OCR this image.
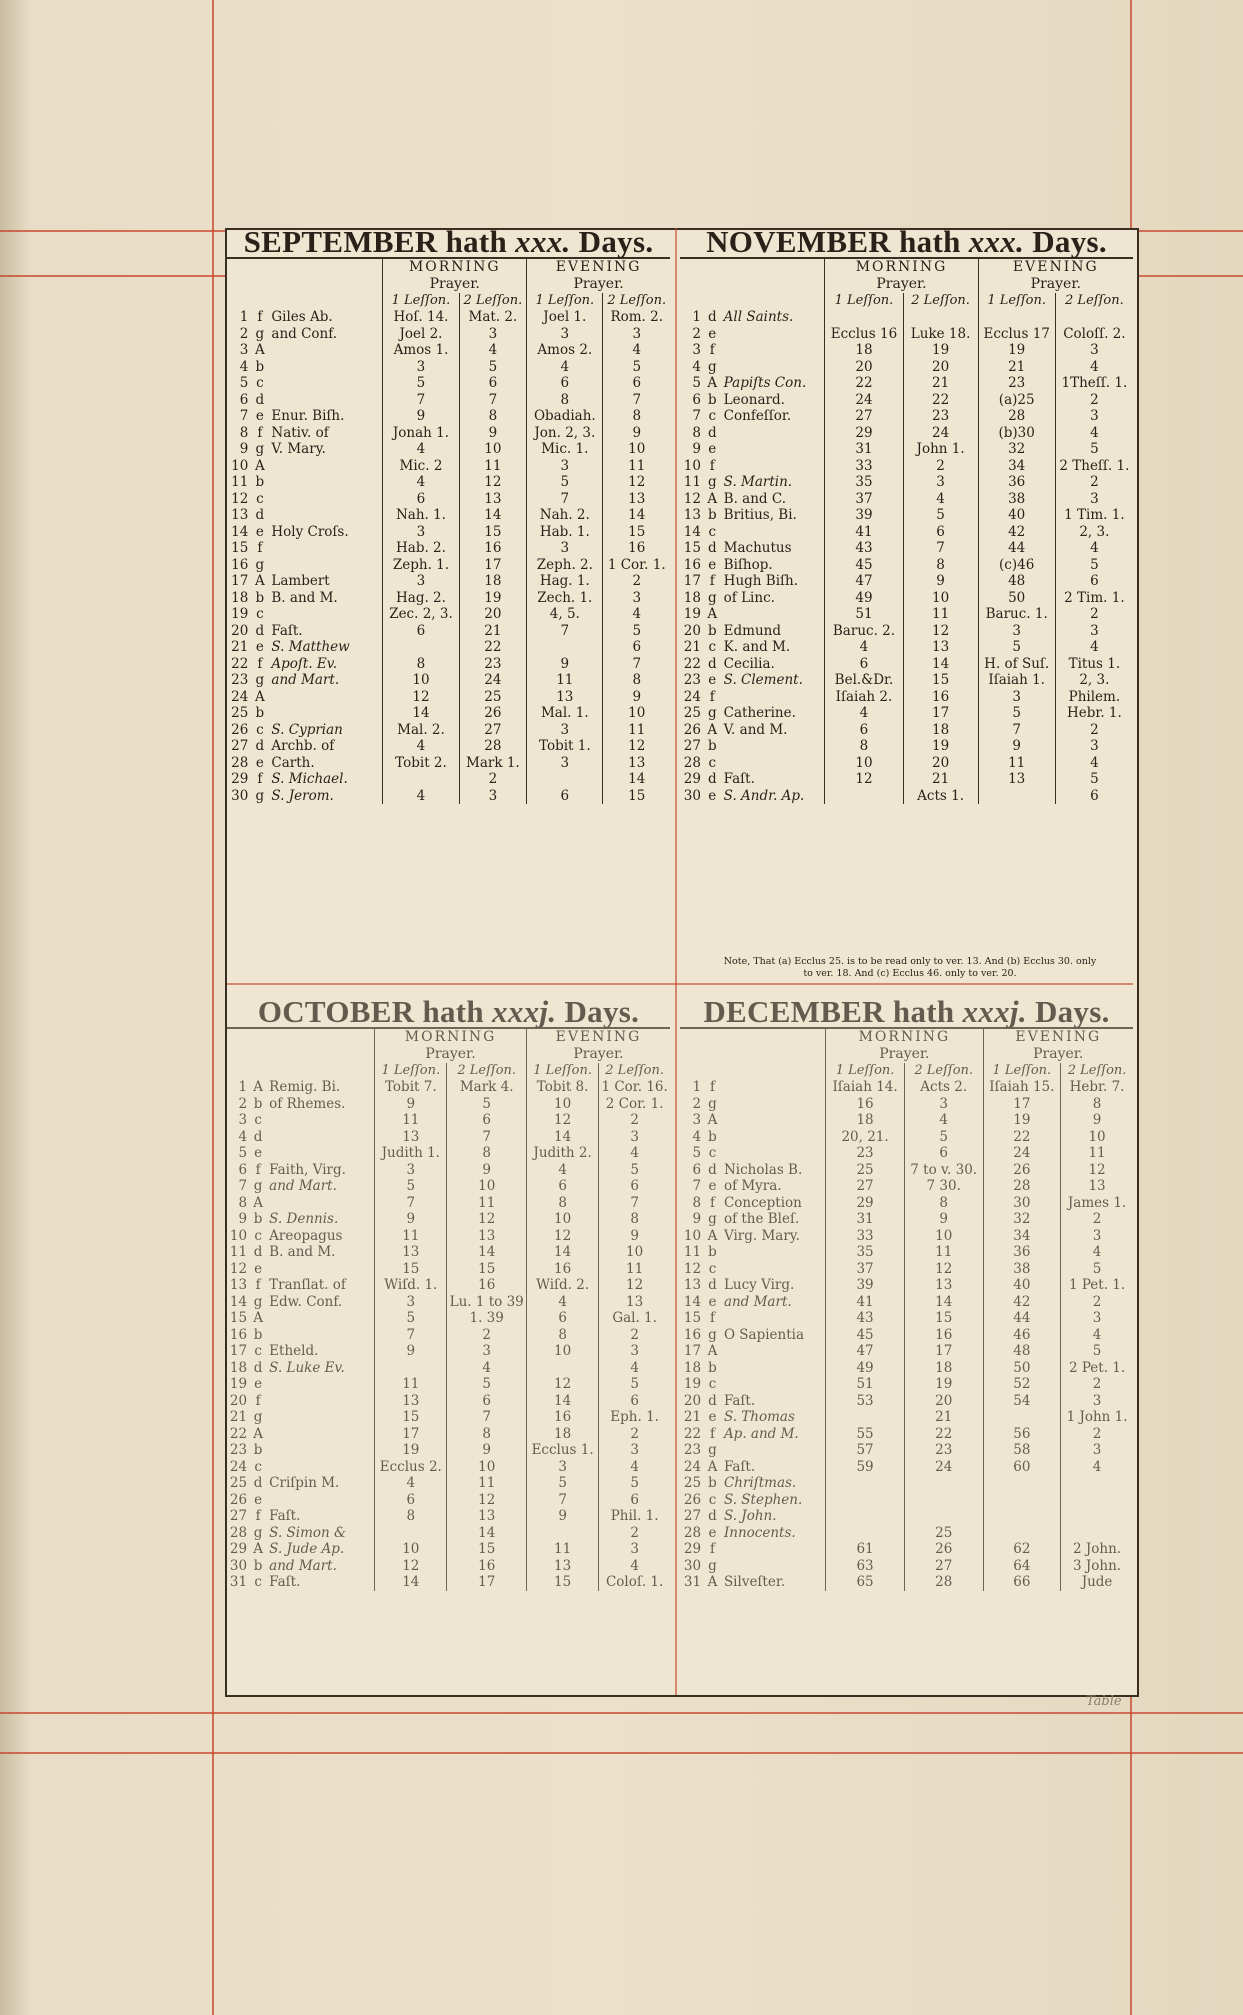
SEPTEMBER hath xxx. Days.
			MORNING		EVENING	
			Prayer.		Prayer.	
			1 Leſſon.	2 Leſſon.	1 Leſſon.	2 Leſſon.
1	f	Giles Ab.	Hoſ. 14.	Mat. 2.	Joel 1.	Rom. 2.
2	g	and Conf.	Joel 2.	3	3	3
3	A		Amos 1.	4	Amos 2.	4
4	b		3	5	4	5
5	c		5	6	6	6
6	d		7	7	8	7
7	e	Enur. Biſh.	9	8	Obadiah.	8
8	f	Nativ. of	Jonah 1.	9	Jon. 2, 3.	9
9	g	V. Mary.	4	10	Mic. 1.	10
10	A		Mic. 2	11	3	11
11	b		4	12	5	12
12	c		6	13	7	13
13	d		Nah. 1.	14	Nah. 2.	14
14	e	Holy Croſs.	3	15	Hab. 1.	15
15	f		Hab. 2.	16	3	16
16	g		Zeph. 1.	17	Zeph. 2.	1 Cor. 1.
17	A	Lambert	3	18	Hag. 1.	2
18	b	B. and M.	Hag. 2.	19	Zech. 1.	3
19	c		Zec. 2, 3.	20	4, 5.	4
20	d	Faſt.	6	21	7	5
21	e	S. Matthew		22		6
22	f	Apoſt. Ev.	8	23	9	7
23	g	and Mart.	10	24	11	8
24	A		12	25	13	9
25	b		14	26	Mal. 1.	10
26	c	S. Cyprian	Mal. 2.	27	3	11
27	d	Archb. of	4	28	Tobit 1.	12
28	e	Carth.	Tobit 2.	Mark 1.	3	13
29	f	S. Michael.		2		14
30	g	S. Jerom.	4	3	6	15
NOVEMBER hath xxx. Days.
			MORNING		EVENING	
			Prayer.		Prayer.	
			1 Leſſon.	2 Leſſon.	1 Leſſon.	2 Leſſon.
1	d	All Saints.				
2	e		Ecclus 16	Luke 18.	Ecclus 17	Coloſſ. 2.
3	f		18	19	19	3
4	g		20	20	21	4
5	A	Papiſts Con.	22	21	23	1Theſſ. 1.
6	b	Leonard.	24	22	(a)25	2
7	c	Confeſſor.	27	23	28	3
8	d		29	24	(b)30	4
9	e		31	John 1.	32	5
10	f		33	2	34	2 Theſſ. 1.
11	g	S. Martin.	35	3	36	2
12	A	B. and C.	37	4	38	3
13	b	Britius, Bi.	39	5	40	1 Tim. 1.
14	c		41	6	42	2, 3.
15	d	Machutus	43	7	44	4
16	e	Biſhop.	45	8	(c)46	5
17	f	Hugh Biſh.	47	9	48	6
18	g	of Linc.	49	10	50	2 Tim. 1.
19	A		51	11	Baruc. 1.	2
20	b	Edmund	Baruc. 2.	12	3	3
21	c	K. and M.	4	13	5	4
22	d	Cecilia.	6	14	H. of Suſ.	Titus 1.
23	e	S. Clement.	Bel.&Dr.	15	Iſaiah 1.	2, 3.
24	f		Iſaiah 2.	16	3	Philem.
25	g	Catherine.	4	17	5	Hebr. 1.
26	A	V. and M.	6	18	7	2
27	b		8	19	9	3
28	c		10	20	11	4
29	d	Faſt.	12	21	13	5
30	e	S. Andr. Ap.		Acts 1.		6
Note, That (a) Ecclus 25. is to be read only to ver. 13. And (b) Ecclus 30. only
to ver. 18. And (c) Ecclus 46. only to ver. 20.
OCTOBER hath xxxj. Days.
			MORNING		EVENING	
			Prayer.		Prayer.	
			1 Leſſon.	2 Leſſon.	1 Leſſon.	2 Leſſon.
1	A	Remig. Bi.	Tobit 7.	Mark 4.	Tobit 8.	1 Cor. 16.
2	b	of Rhemes.	9	5	10	2 Cor. 1.
3	c		11	6	12	2
4	d		13	7	14	3
5	e		Judith 1.	8	Judith 2.	4
6	f	Faith, Virg.	3	9	4	5
7	g	and Mart.	5	10	6	6
8	A		7	11	8	7
9	b	S. Dennis.	9	12	10	8
10	c	Areopagus	11	13	12	9
11	d	B. and M.	13	14	14	10
12	e		15	15	16	11
13	f	Tranſlat. of	Wiſd. 1.	16	Wiſd. 2.	12
14	g	Edw. Conf.	3	Lu. 1 to 39	4	13
15	A		5	1. 39	6	Gal. 1.
16	b		7	2	8	2
17	c	Etheld.	9	3	10	3
18	d	S. Luke Ev.		4		4
19	e		11	5	12	5
20	f		13	6	14	6
21	g		15	7	16	Eph. 1.
22	A		17	8	18	2
23	b		19	9	Ecclus 1.	3
24	c		Ecclus 2.	10	3	4
25	d	Criſpin M.	4	11	5	5
26	e		6	12	7	6
27	f	Faſt.	8	13	9	Phil. 1.
28	g	S. Simon &		14		2
29	A	S. Jude Ap.	10	15	11	3
30	b	and Mart.	12	16	13	4
31	c	Faſt.	14	17	15	Coloſ. 1.
DECEMBER hath xxxj. Days.
			MORNING		EVENING	
			Prayer.		Prayer.	
			1 Leſſon.	2 Leſſon.	1 Leſſon.	2 Leſſon.
1	f		Iſaiah 14.	Acts 2.	Iſaiah 15.	Hebr. 7.
2	g		16	3	17	8
3	A		18	4	19	9
4	b		20, 21.	5	22	10
5	c		23	6	24	11
6	d	Nicholas B.	25	7 to v. 30.	26	12
7	e	of Myra.	27	7 30.	28	13
8	f	Conception	29	8	30	James 1.
9	g	of the Bleſ.	31	9	32	2
10	A	Virg. Mary.	33	10	34	3
11	b		35	11	36	4
12	c		37	12	38	5
13	d	Lucy Virg.	39	13	40	1 Pet. 1.
14	e	and Mart.	41	14	42	2
15	f		43	15	44	3
16	g	O Sapientia	45	16	46	4
17	A		47	17	48	5
18	b		49	18	50	2 Pet. 1.
19	c		51	19	52	2
20	d	Faſt.	53	20	54	3
21	e	S. Thomas		21		1 John 1.
22	f	Ap. and M.	55	22	56	2
23	g		57	23	58	3
24	A	Faſt.	59	24	60	4
25	b	Chriſtmas.				
26	c	S. Stephen.				
27	d	S. John.				
28	e	Innocents.		25		
29	f		61	26	62	2 John.
30	g		63	27	64	3 John.
31	A	Silveſter.	65	28	66	Jude
Table
